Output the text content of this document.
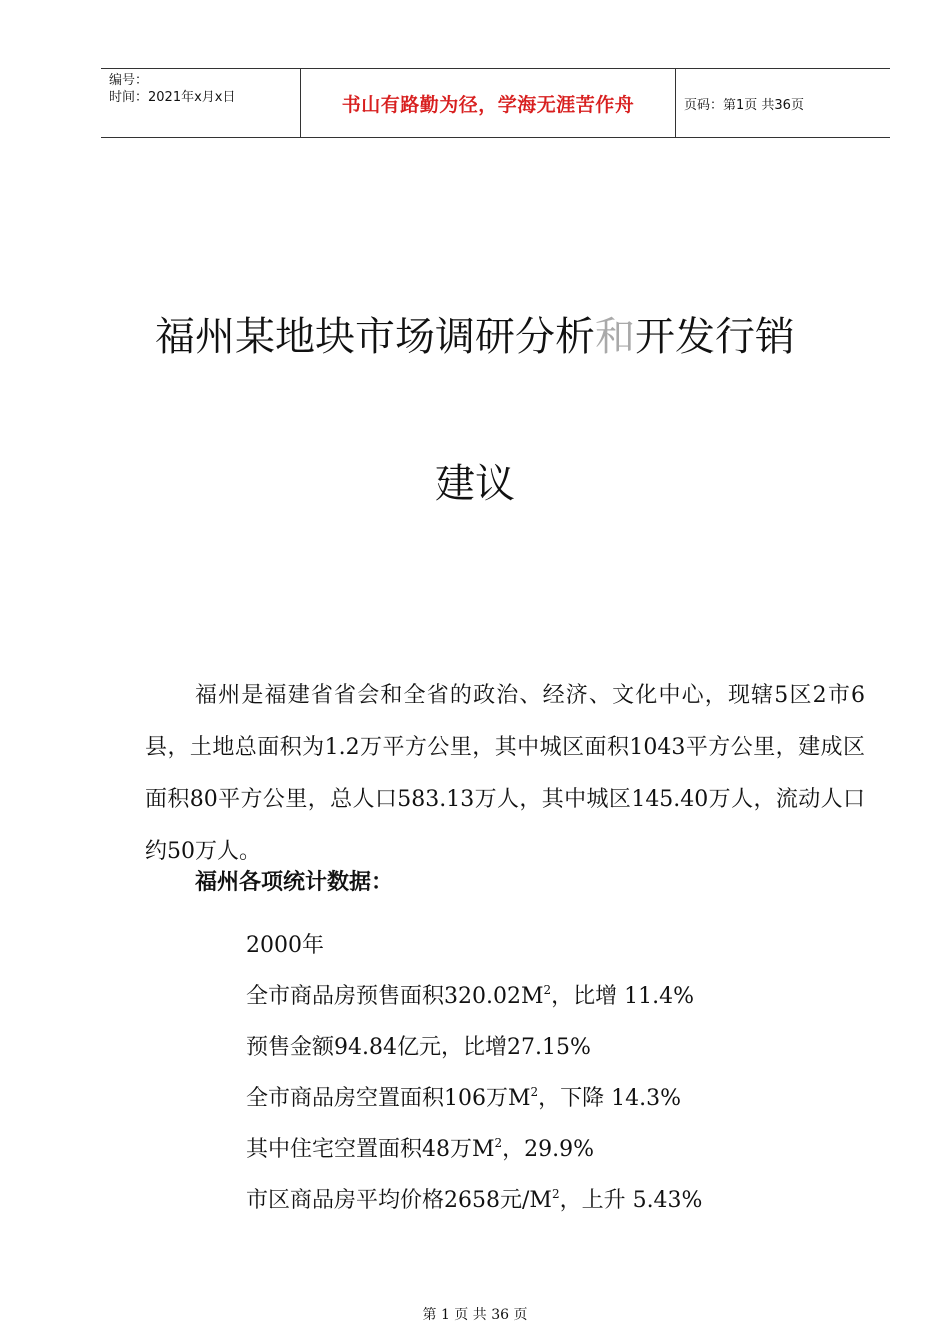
编号：
时间：2021年x月x日	书山有路勤为径，学海无涯苦作舟	页码：第1页 共36页
福州某地块市场调研分析和开发行销
建议
福州是福建省省会和全省的政治、经济、文化中心，现辖5区2市6县，土地总面积为1.2万平方公里，其中城区面积1043平方公里，建成区面积80平方公里，总人口583.13万人，其中城区145.40万人，流动人口约50万人。
福州各项统计数据：
2000年
全市商品房预售面积$320.02M^2$，比增 11.4%
预售金额94.84亿元，比增27.15%
全市商品房空置面积106万$M^2$，下降 14.3%
其中住宅空置面积48万$M^2$，29.9%
市区商品房平均价格2658元$/M^2$，上升 5.43%
第 1 页 共 36 页
